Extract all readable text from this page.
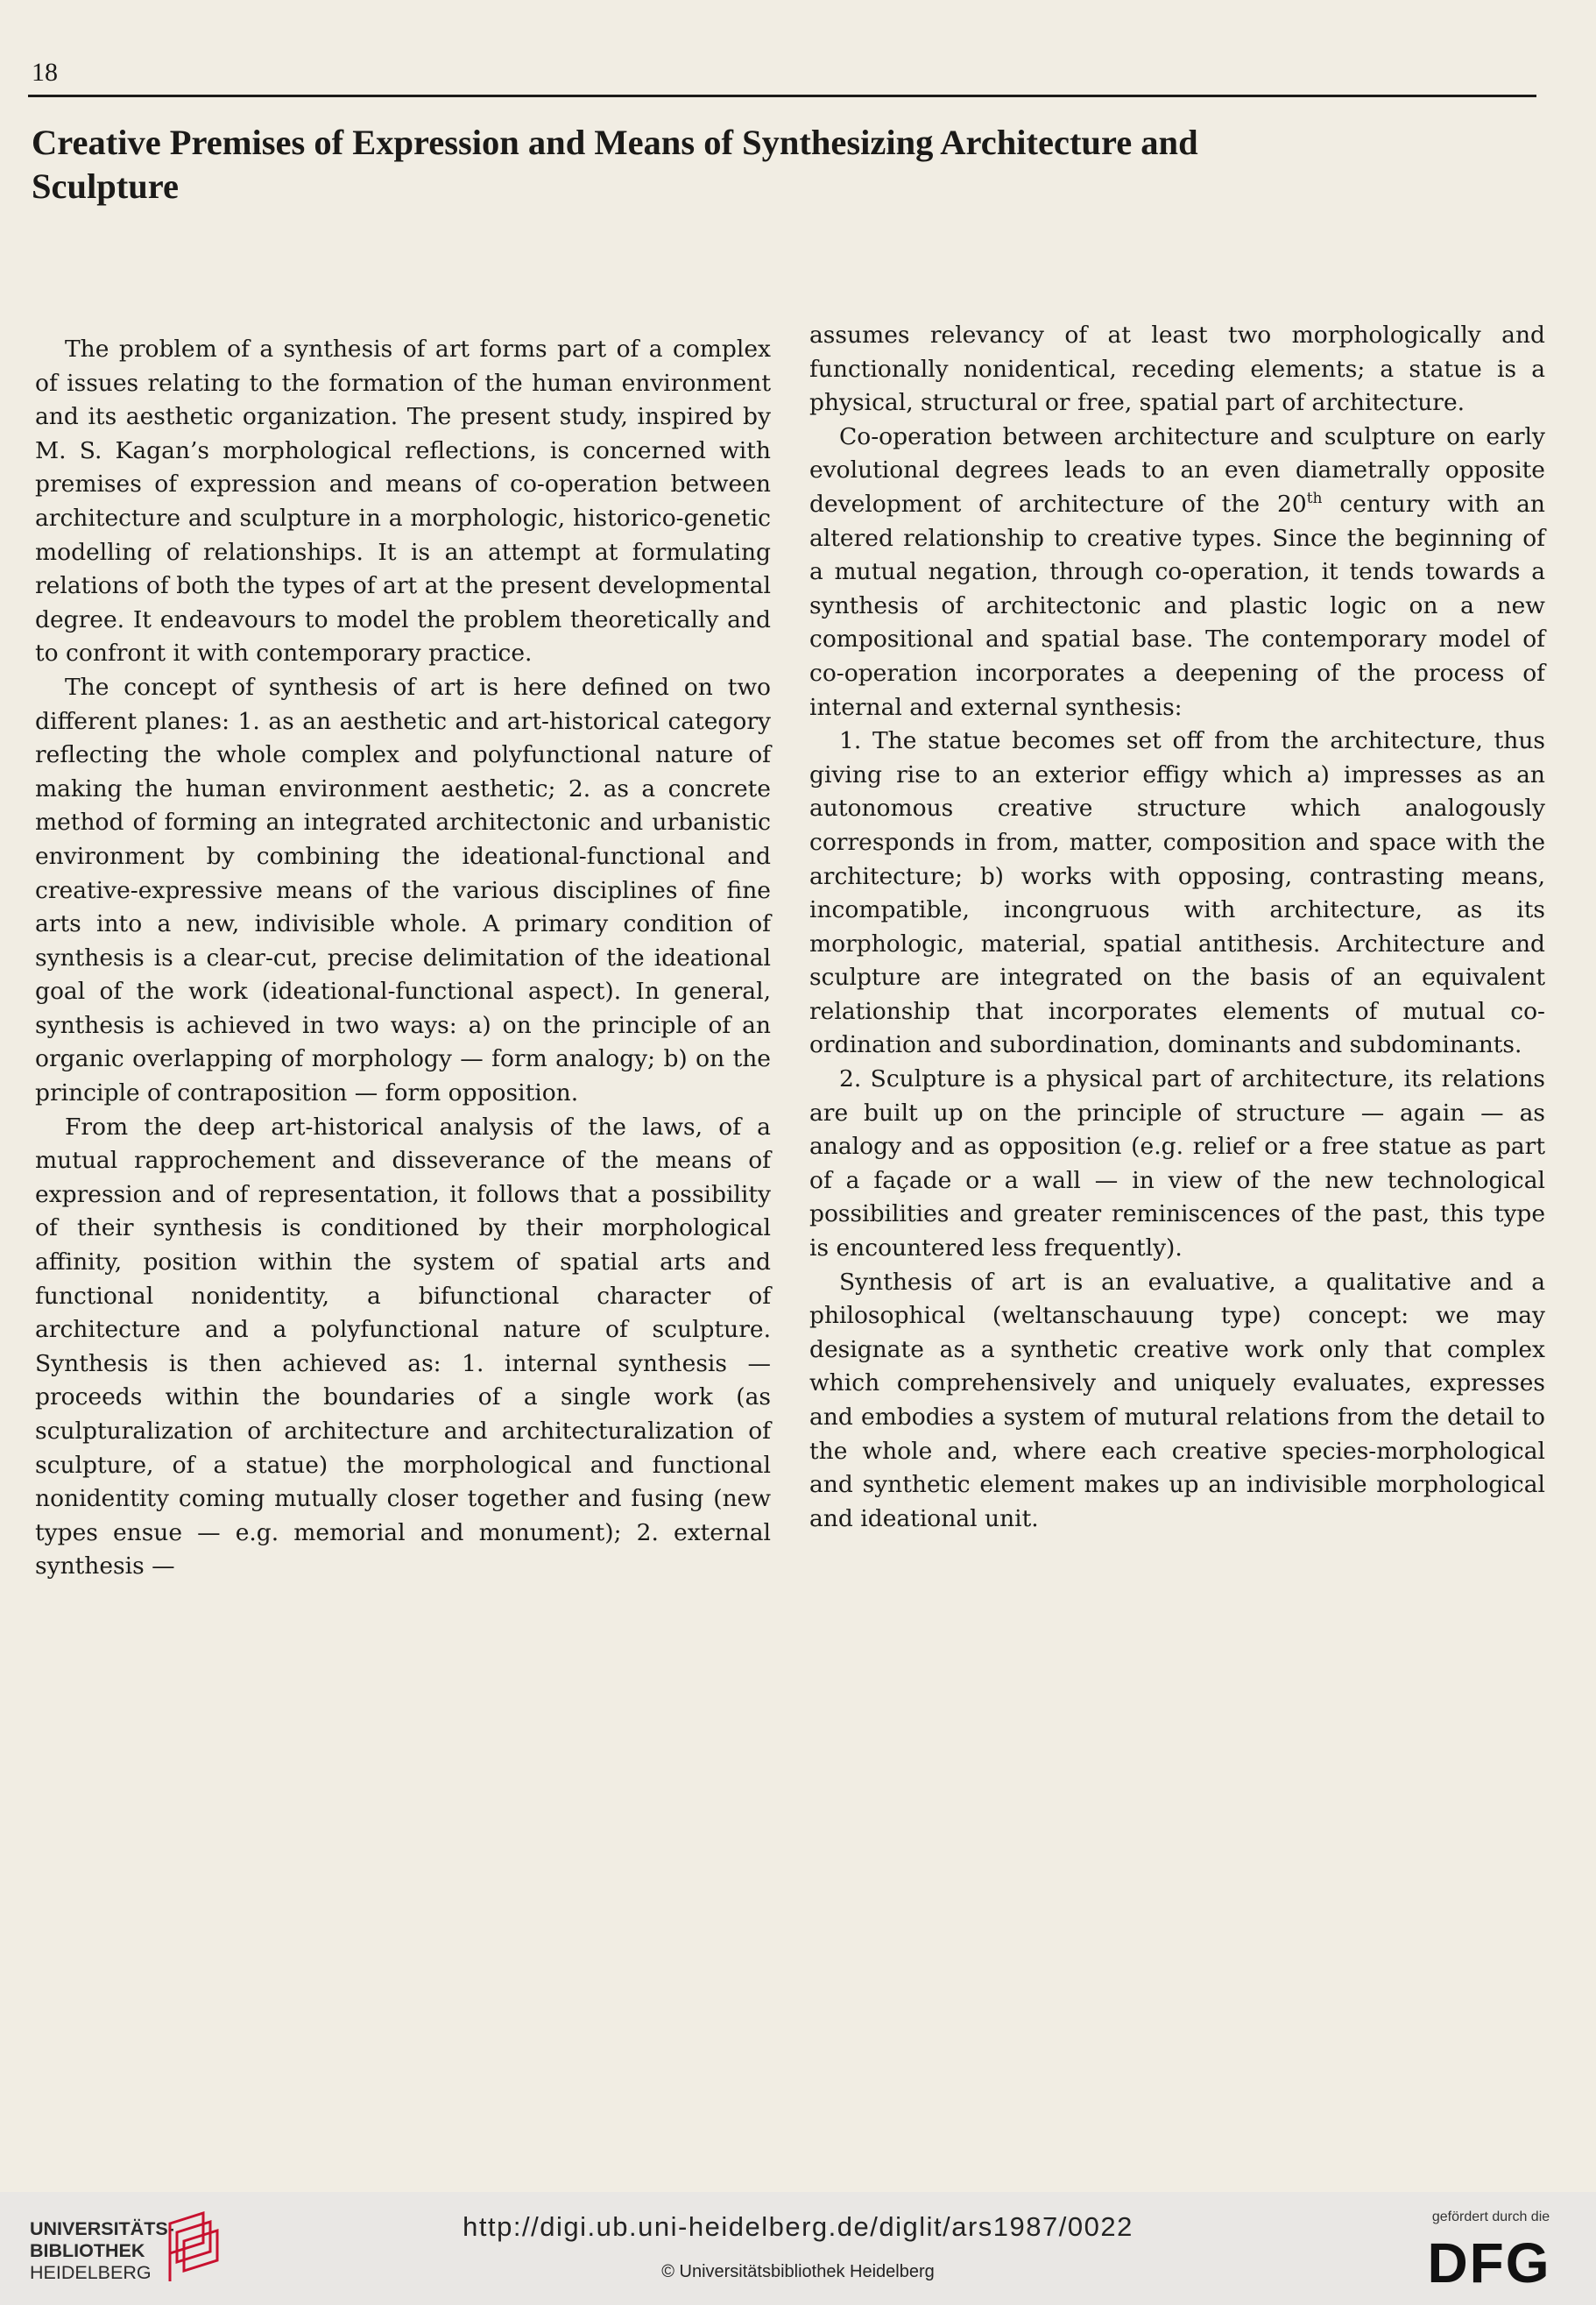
18
Creative Premises of Expression and Means of Synthesizing Architecture and Sculpture

The problem of a synthesis of art forms part of a complex of issues relating to the formation of the human environment and its aesthetic organization. The present study, inspired by M. S. Kagan’s morphological reflections, is concerned with premises of expression and means of co-operation between architecture and sculpture in a morphologic, historico-genetic modelling of relationships. It is an attempt at formulating relations of both the types of art at the present developmental degree. It endeavours to model the problem theoretically and to confront it with contemporary practice.

The concept of synthesis of art is here defined on two different planes: 1. as an aesthetic and art-historical category reflecting the whole complex and polyfunctional nature of making the human environment aesthetic; 2. as a concrete method of forming an integrated architectonic and urbanistic environment by combining the ideational-functional and creative-expressive means of the various disciplines of fine arts into a new, indivisible whole. A primary condition of synthesis is a clear-cut, precise delimitation of the ideational goal of the work (ideational-functional aspect). In general, synthesis is achieved in two ways: a) on the principle of an organic overlapping of morphology — form analogy; b) on the principle of contraposition — form opposition.

From the deep art-historical analysis of the laws, of a mutual rapprochement and disseverance of the means of expression and of representation, it follows that a possibility of their synthesis is conditioned by their morphological affinity, position within the system of spatial arts and functional nonidentity, a bifunctional character of architecture and a polyfunctional nature of sculpture. Synthesis is then achieved as: 1. internal synthesis — proceeds within the boundaries of a single work (as sculpturalization of architecture and architecturalization of sculpture, of a statue) the morphological and functional nonidentity coming mutually closer together and fusing (new types ensue — e.g. memorial and monument); 2. external synthesis —

assumes relevancy of at least two morphologically and functionally nonidentical, receding elements; a statue is a physical, structural or free, spatial part of architecture.

Co-operation between architecture and sculpture on early evolutional degrees leads to an even diametrally opposite development of architecture of the 20th century with an altered relationship to creative types. Since the beginning of a mutual negation, through co-operation, it tends towards a synthesis of architectonic and plastic logic on a new compositional and spatial base. The contemporary model of co-operation incorporates a deepening of the process of internal and external synthesis:

1. The statue becomes set off from the architecture, thus giving rise to an exterior effigy which a) impresses as an autonomous creative structure which analogously corresponds in from, matter, composition and space with the architecture; b) works with opposing, contrasting means, incompatible, incongruous with architecture, as its morphologic, material, spatial antithesis. Architecture and sculpture are integrated on the basis of an equivalent relationship that incorporates elements of mutual co-ordination and subordination, dominants and subdominants.

2. Sculpture is a physical part of architecture, its relations are built up on the principle of structure — again — as analogy and as opposition (e.g. relief or a free statue as part of a façade or a wall — in view of the new technological possibilities and greater reminiscences of the past, this type is encountered less frequently).

Synthesis of art is an evaluative, a qualitative and a philosophical (weltanschauung type) concept: we may designate as a synthetic creative work only that complex which comprehensively and uniquely evaluates, expresses and embodies a system of mutural relations from the detail to the whole and, where each creative species-morphological and synthetic element makes up an indivisible morphological and ideational unit.

UNIVERSITÄTS-
BIBLIOTHEK
HEIDELBERG
http://digi.ub.uni-heidelberg.de/diglit/ars1987/0022
© Universitätsbibliothek Heidelberg
gefördert durch die
DFG
